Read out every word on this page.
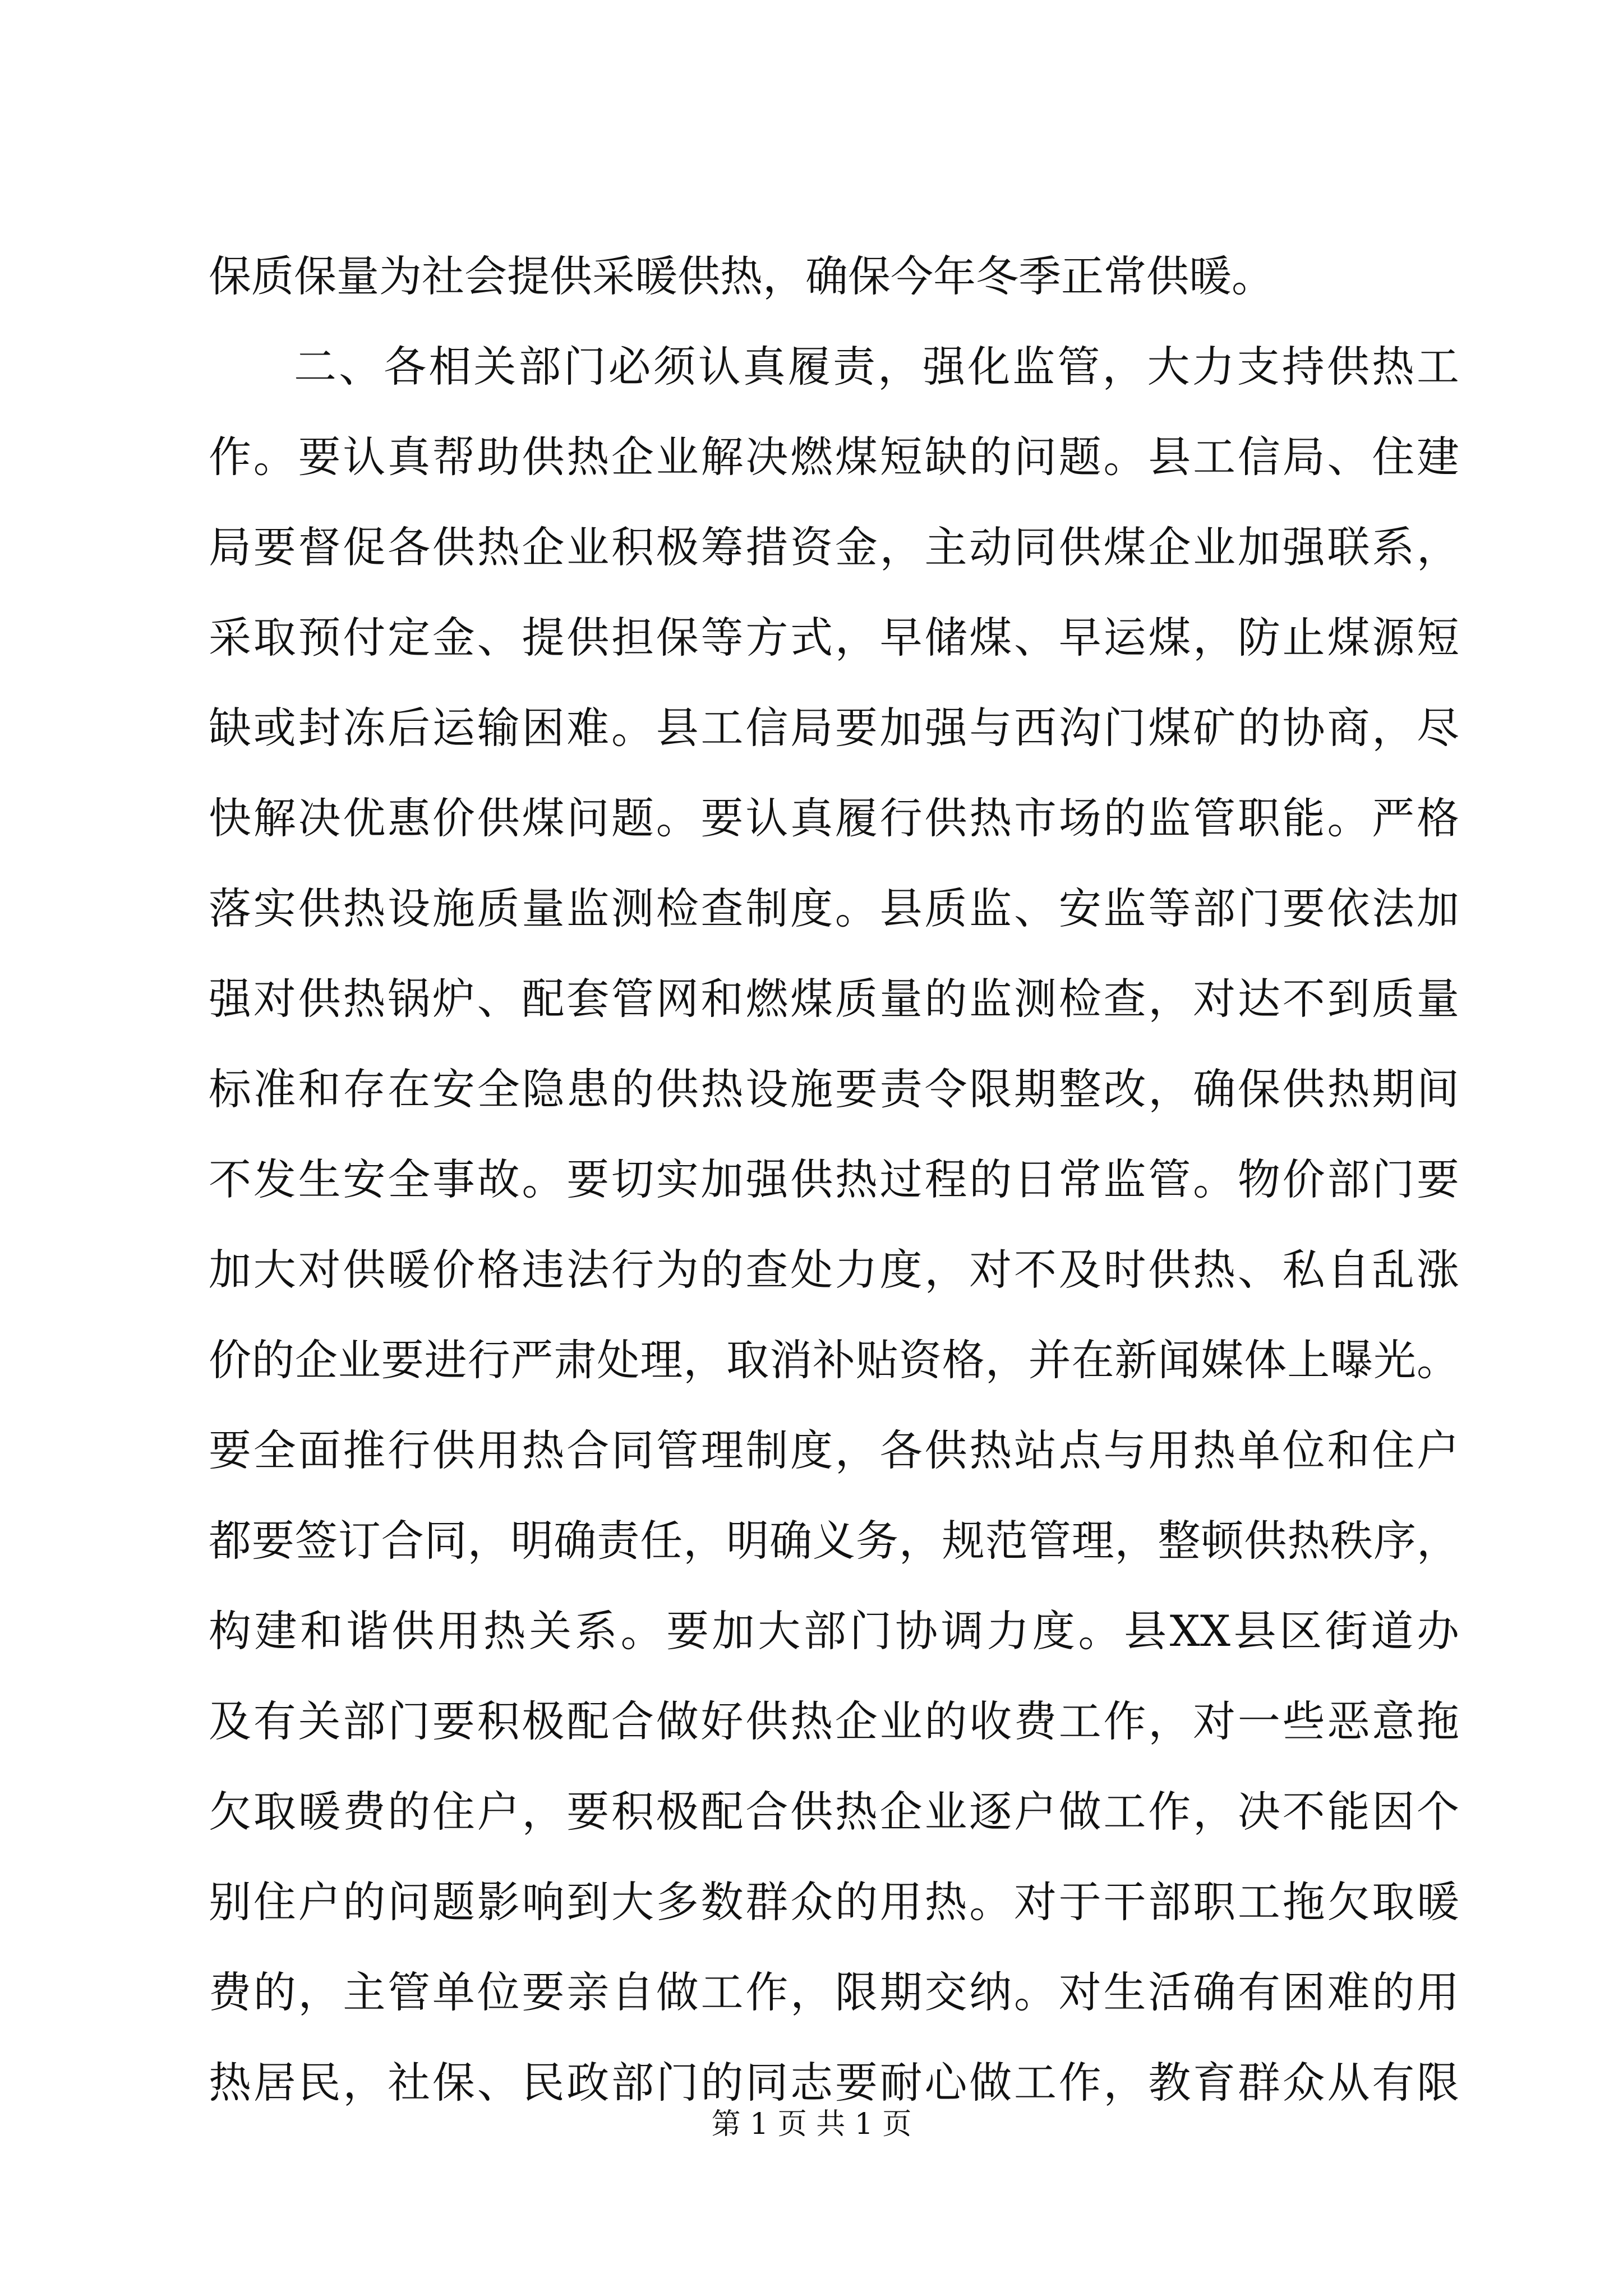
保质保量为社会提供采暖供热，确保今年冬季正常供暖。
二、各相关部门必须认真履责，强化监管，大力支持供热工
作。要认真帮助供热企业解决燃煤短缺的问题。县工信局、住建
局要督促各供热企业积极筹措资金，主动同供煤企业加强联系，
采取预付定金、提供担保等方式，早储煤、早运煤，防止煤源短
缺或封冻后运输困难。县工信局要加强与西沟门煤矿的协商，尽
快解决优惠价供煤问题。要认真履行供热市场的监管职能。严格
落实供热设施质量监测检查制度。县质监、安监等部门要依法加
强对供热锅炉、配套管网和燃煤质量的监测检查，对达不到质量
标准和存在安全隐患的供热设施要责令限期整改，确保供热期间
不发生安全事故。要切实加强供热过程的日常监管。物价部门要
加大对供暖价格违法行为的查处力度，对不及时供热、私自乱涨
价的企业要进行严肃处理，取消补贴资格，并在新闻媒体上曝光。
要全面推行供用热合同管理制度，各供热站点与用热单位和住户
都要签订合同，明确责任，明确义务，规范管理，整顿供热秩序，
构建和谐供用热关系。要加大部门协调力度。县XX县区街道办
及有关部门要积极配合做好供热企业的收费工作，对一些恶意拖
欠取暖费的住户，要积极配合供热企业逐户做工作，决不能因个
别住户的问题影响到大多数群众的用热。对于干部职工拖欠取暖
费的，主管单位要亲自做工作，限期交纳。对生活确有困难的用
热居民，社保、民政部门的同志要耐心做工作，教育群众从有限
第 1 页 共 1 页
